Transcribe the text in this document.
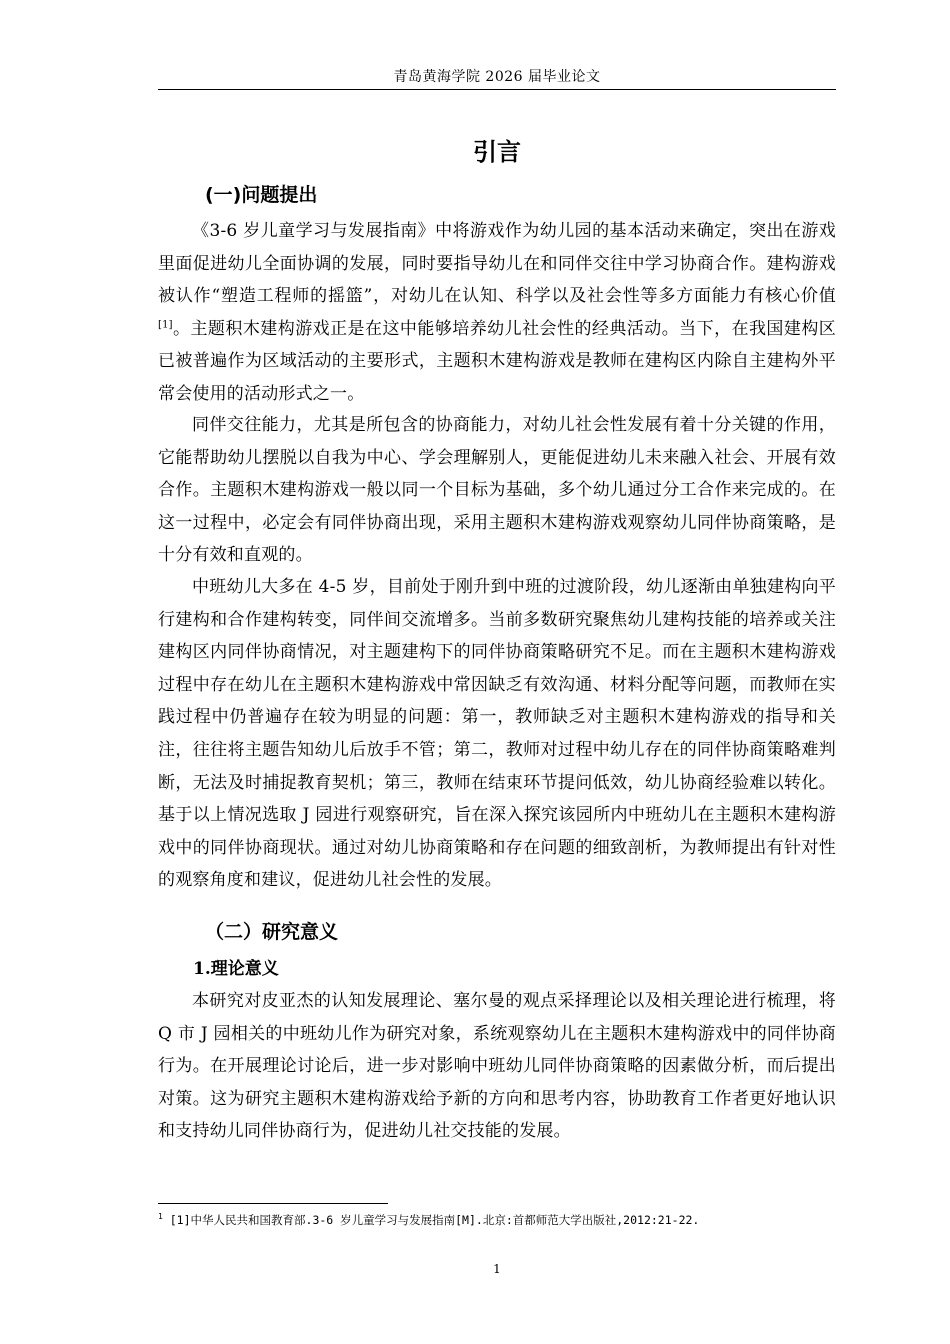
青岛黄海学院 2026 届毕业论文
引言
(一)问题提出

《3-6 岁儿童学习与发展指南》中将游戏作为幼儿园的基本活动来确定，突出在游戏里面促进幼儿全面协调的发展，同时要指导幼儿在和同伴交往中学习协商合作。建构游戏被认作“塑造工程师的摇篮”，对幼儿在认知、科学以及社会性等多方面能力有核心价值[1]。主题积木建构游戏正是在这中能够培养幼儿社会性的经典活动。当下，在我国建构区已被普遍作为区域活动的主要形式，主题积木建构游戏是教师在建构区内除自主建构外平常会使用的活动形式之一。

同伴交往能力，尤其是所包含的协商能力，对幼儿社会性发展有着十分关键的作用，它能帮助幼儿摆脱以自我为中心、学会理解别人，更能促进幼儿未来融入社会、开展有效合作。主题积木建构游戏一般以同一个目标为基础，多个幼儿通过分工合作来完成的。在这一过程中，必定会有同伴协商出现，采用主题积木建构游戏观察幼儿同伴协商策略，是十分有效和直观的。

中班幼儿大多在 4-5 岁，目前处于刚升到中班的过渡阶段，幼儿逐渐由单独建构向平行建构和合作建构转变，同伴间交流增多。当前多数研究聚焦幼儿建构技能的培养或关注建构区内同伴协商情况，对主题建构下的同伴协商策略研究不足。而在主题积木建构游戏过程中存在幼儿在主题积木建构游戏中常因缺乏有效沟通、材料分配等问题，而教师在实践过程中仍普遍存在较为明显的问题：第一，教师缺乏对主题积木建构游戏的指导和关注，往往将主题告知幼儿后放手不管；第二，教师对过程中幼儿存在的同伴协商策略难判断，无法及时捕捉教育契机；第三，教师在结束环节提问低效，幼儿协商经验难以转化。基于以上情况选取 J 园进行观察研究，旨在深入探究该园所内中班幼儿在主题积木建构游戏中的同伴协商现状。通过对幼儿协商策略和存在问题的细致剖析，为教师提出有针对性的观察角度和建议，促进幼儿社会性的发展。

（二）研究意义
1.理论意义

本研究对皮亚杰的认知发展理论、塞尔曼的观点采择理论以及相关理论进行梳理，将 Q 市 J 园相关的中班幼儿作为研究对象，系统观察幼儿在主题积木建构游戏中的同伴协商行为。在开展理论讨论后，进一步对影响中班幼儿同伴协商策略的因素做分析，而后提出对策。这为研究主题积木建构游戏给予新的方向和思考内容，协助教育工作者更好地认识和支持幼儿同伴协商行为，促进幼儿社交技能的发展。

$^1$ [1]中华人民共和国教育部.3-6 岁儿童学习与发展指南[M].北京:首都师范大学出版社,2012:21-22.
1
